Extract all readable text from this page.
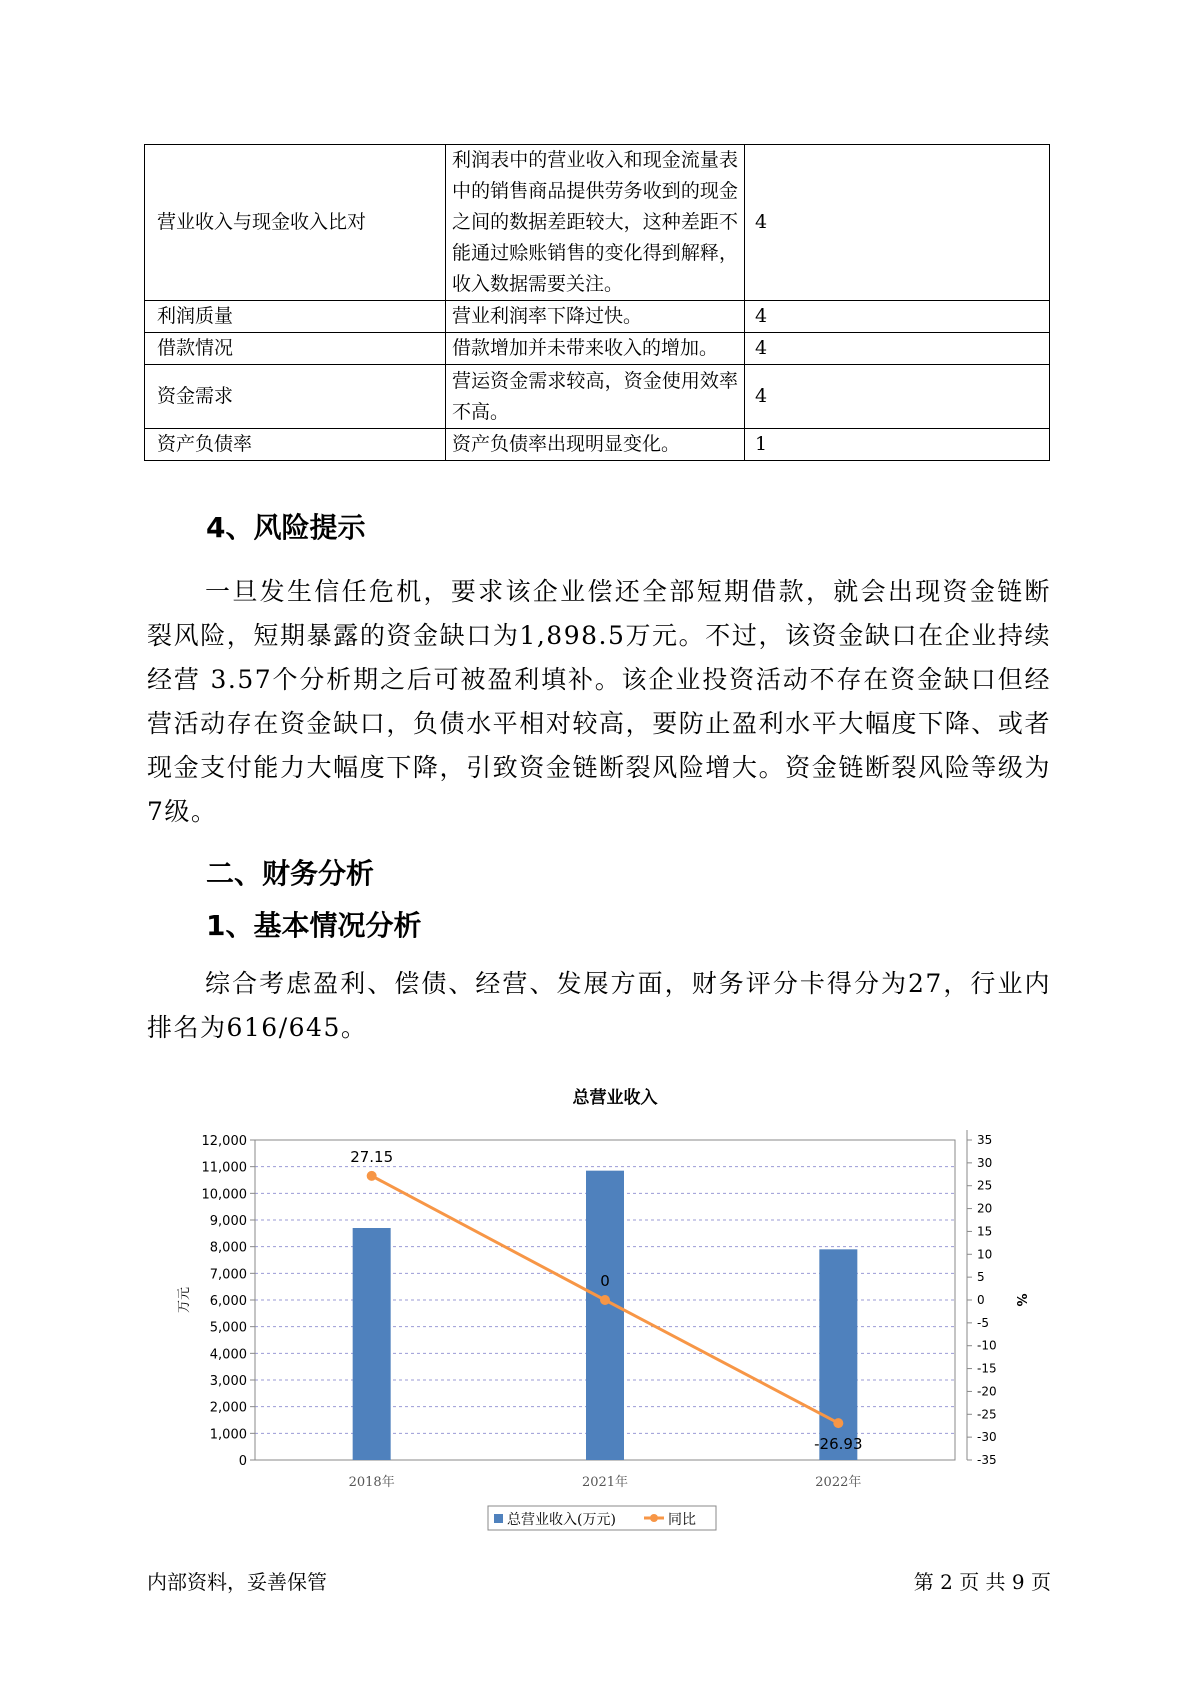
营业收入与现金收入比对	利润表中的营业收入和现金流量表中的销售商品提供劳务收到的现金之间的数据差距较大，这种差距不能通过赊账销售的变化得到解释，收入数据需要关注。	4
利润质量	营业利润率下降过快。	4
借款情况	借款增加并未带来收入的增加。	4
资金需求	营运资金需求较高，资金使用效率不高。	4
资产负债率	资产负债率出现明显变化。	1
4、风险提示
一旦发生信任危机，要求该企业偿还全部短期借款，就会出现资金链断裂风险，短期暴露的资金缺口为1,898.5万元。不过，该资金缺口在企业持续经营 3.57个分析期之后可被盈利填补。该企业投资活动不存在资金缺口但经营活动存在资金缺口，负债水平相对较高，要防止盈利水平大幅度下降、或者现金支付能力大幅度下降，引致资金链断裂风险增大。资金链断裂风险等级为7级。
二、财务分析
1、基本情况分析
综合考虑盈利、偿债、经营、发展方面，财务评分卡得分为27，行业内排名为616/645。
总营业收入
0
1,000
2,000
3,000
4,000
5,000
6,000
7,000
8,000
9,000
10,000
11,000
12,000	35
30
25
20
15
10
5
0
-5
-10
-15
-20
-25
-30
-35
万元	%
2018年	2021年	2022年
27.15
0
-26.93
总营业收入(万元)	同比
内部资料，妥善保管	第 2 页 共 9 页
